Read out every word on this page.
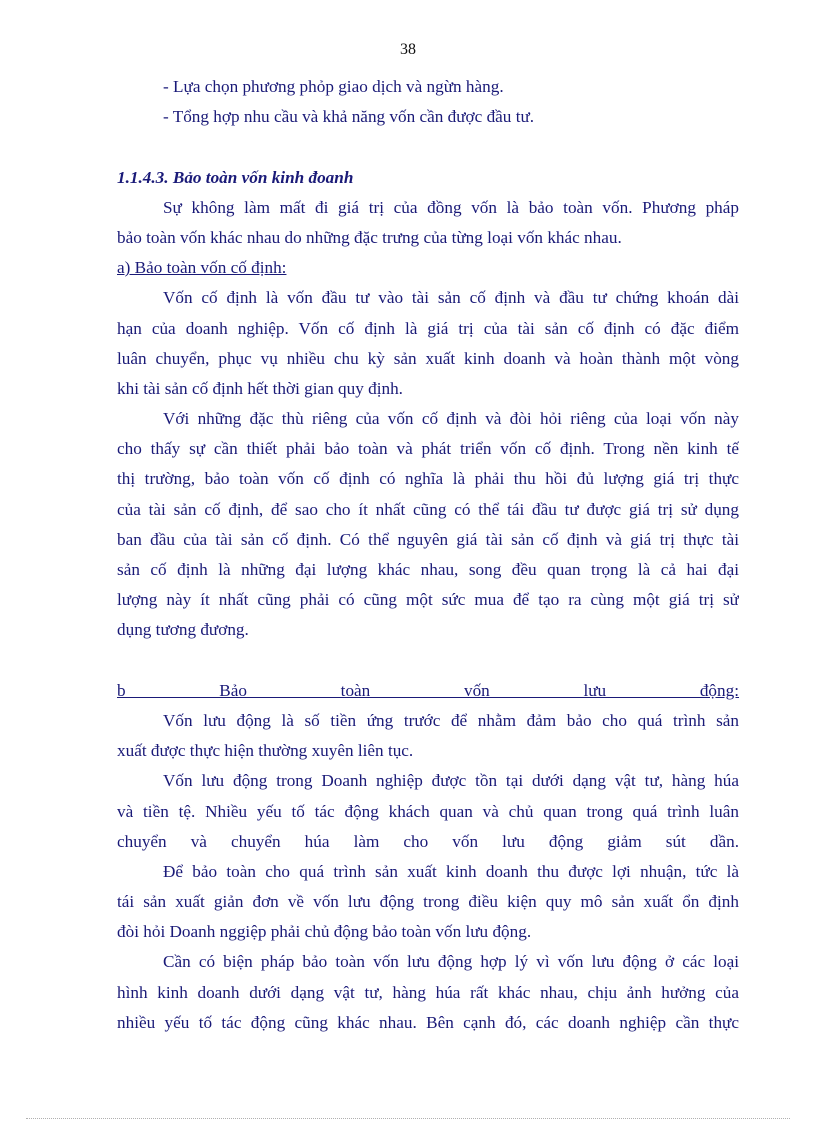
38
- Lựa chọn phương phỏp giao dịch và ngừn hàng.
- Tổng hợp nhu cầu và khả năng vốn cần được đầu tư.
1.1.4.3. Bảo toàn vốn kinh đoanh
Sự không làm mất đi giá trị của đồng vốn là bảo toàn vốn. Phương pháp
bảo toàn vốn khác nhau do những đặc trưng của từng loại vốn khác nhau.
a) Bảo toàn vốn cố định:
Vốn cố định là vốn đầu tư vào tài sản cố định và đầu tư chứng khoán dài
hạn của doanh nghiệp. Vốn cố định là giá trị của tài sản cố định có đặc điểm
luân chuyển, phục vụ nhiều chu kỳ sản xuất kinh doanh và hoàn thành một vòng
khi tài sản cố định hết thời gian quy định.
Với những đặc thù riêng của vốn cố định và đòi hỏi riêng của loại vốn này
cho thấy sự cần thiết phải bảo toàn và phát triển vốn cố định. Trong nền kinh tế
thị trường, bảo toàn vốn cố định có nghĩa là phải thu hồi đủ lượng giá trị thực
của tài sản cố định, để sao cho ít nhất cũng có thể tái đầu tư được giá trị sử dụng
ban đầu của tài sản cố định. Có thể nguyên giá tài sản cố định và giá trị thực tài
sản cố định là những đại lượng khác nhau, song đều quan trọng là cả hai đại
lượng này ít nhất cũng phải có cũng một sức mua để tạo ra cùng một giá trị sử
dụng tương đương.
b Bảo toàn vốn lưu động:
Vốn lưu động là số tiền ứng trước để nhằm đảm bảo cho quá trình sản
xuất được thực hiện thường xuyên liên tục.
Vốn lưu động trong Doanh nghiệp được tồn tại dưới dạng vật tư, hàng húa
và tiền tệ. Nhiều yếu tố tác động khách quan và chủ quan trong quá trình luân
chuyển và chuyển húa làm cho vốn lưu động giảm sút dần.
Để bảo toàn cho quá trình sản xuất kinh doanh thu được lợi nhuận, tức là
tái sản xuất giản đơn về vốn lưu động trong điều kiện quy mô sản xuất ổn định
đòi hỏi Doanh nggiệp phải chủ động bảo toàn vốn lưu động.
Cần có biện pháp bảo toàn vốn lưu động hợp lý vì vốn lưu động ở các loại
hình kinh doanh dưới dạng vật tư, hàng húa rất khác nhau, chịu ảnh hưởng của
nhiều yếu tố tác động cũng khác nhau. Bên cạnh đó, các doanh nghiệp cần thực
